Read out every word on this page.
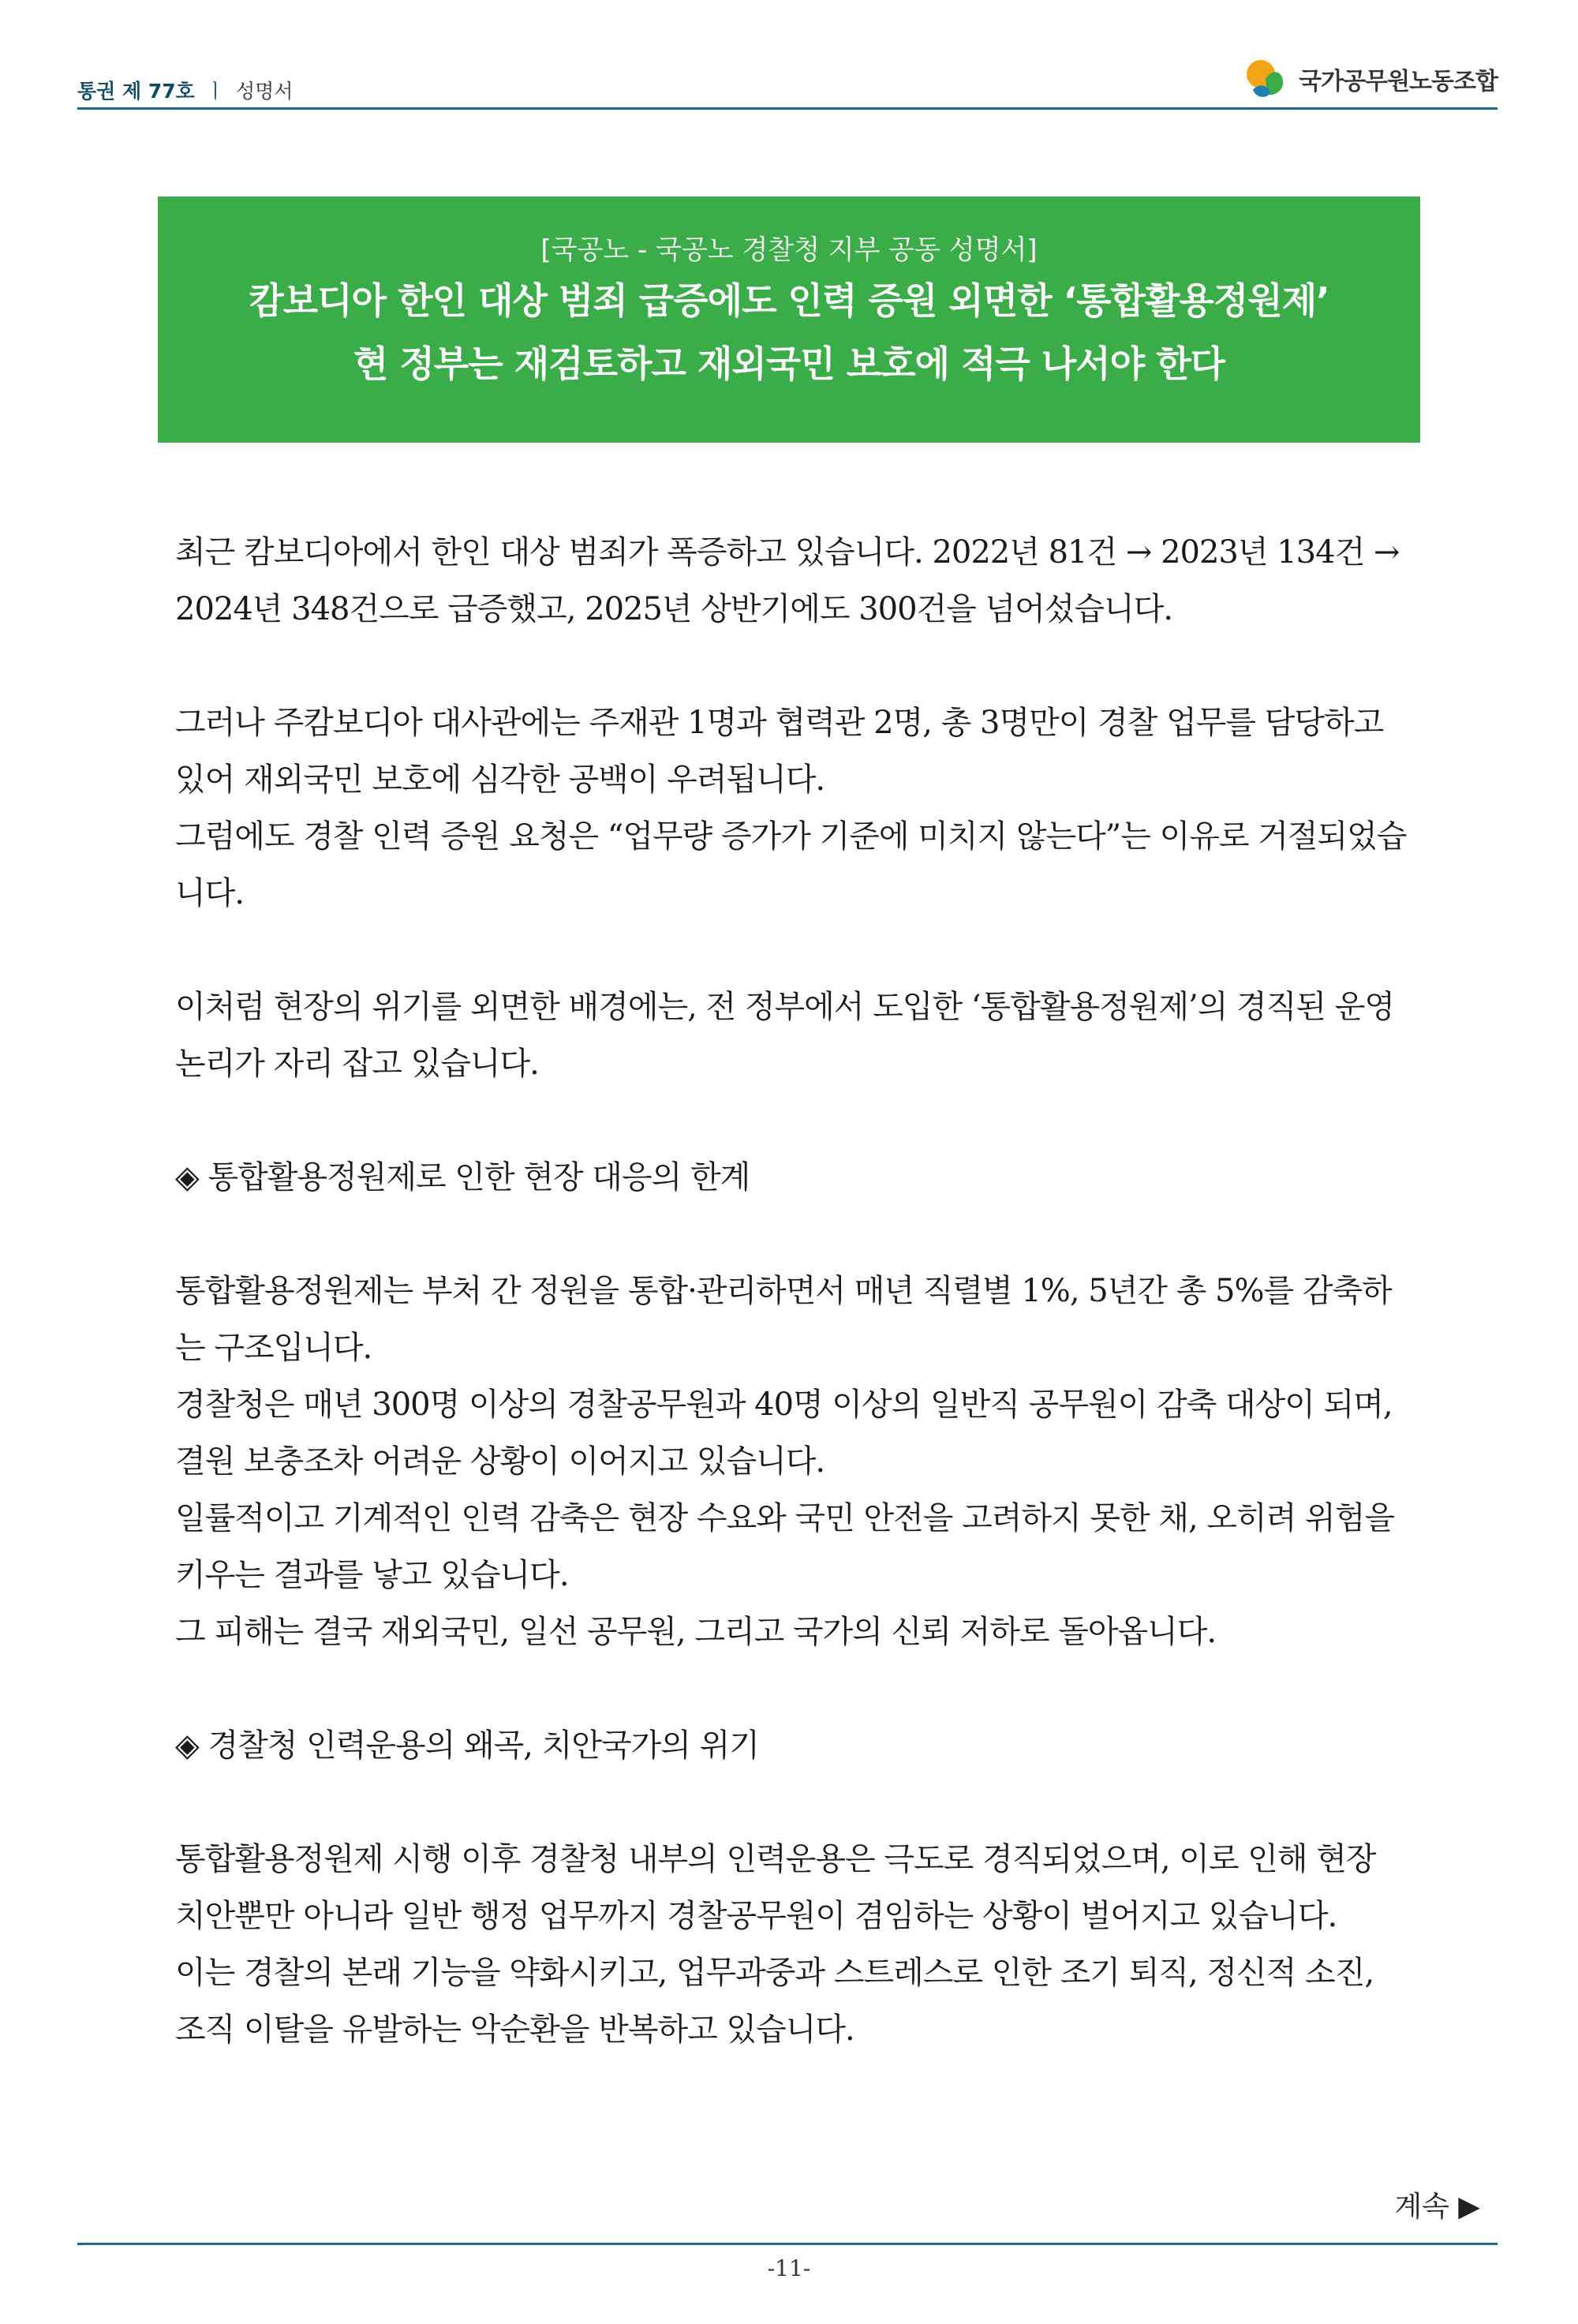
통권 제 77호 ㅣ 성명서	국가공무원노동조합
[국공노 - 국공노 경찰청 지부 공동 성명서]
캄보디아 한인 대상 범죄 급증에도 인력 증원 외면한 ‘통합활용정원제’
현 정부는 재검토하고 재외국민 보호에 적극 나서야 한다

최근 캄보디아에서 한인 대상 범죄가 폭증하고 있습니다. 2022년 81건 → 2023년 134건 → 2024년 348건으로 급증했고, 2025년 상반기에도 300건을 넘어섰습니다.

그러나 주캄보디아 대사관에는 주재관 1명과 협력관 2명, 총 3명만이 경찰 업무를 담당하고 있어 재외국민 보호에 심각한 공백이 우려됩니다.

그럼에도 경찰 인력 증원 요청은 “업무량 증가가 기준에 미치지 않는다”는 이유로 거절되었습니다.

이처럼 현장의 위기를 외면한 배경에는, 전 정부에서 도입한 ‘통합활용정원제’의 경직된 운영 논리가 자리 잡고 있습니다.

◈ 통합활용정원제로 인한 현장 대응의 한계

통합활용정원제는 부처 간 정원을 통합·관리하면서 매년 직렬별 1%, 5년간 총 5%를 감축하는 구조입니다.

경찰청은 매년 300명 이상의 경찰공무원과 40명 이상의 일반직 공무원이 감축 대상이 되며, 결원 보충조차 어려운 상황이 이어지고 있습니다.

일률적이고 기계적인 인력 감축은 현장 수요와 국민 안전을 고려하지 못한 채, 오히려 위험을 키우는 결과를 낳고 있습니다.

그 피해는 결국 재외국민, 일선 공무원, 그리고 국가의 신뢰 저하로 돌아옵니다.

◈ 경찰청 인력운용의 왜곡, 치안국가의 위기

통합활용정원제 시행 이후 경찰청 내부의 인력운용은 극도로 경직되었으며, 이로 인해 현장 치안뿐만 아니라 일반 행정 업무까지 경찰공무원이 겸임하는 상황이 벌어지고 있습니다.

이는 경찰의 본래 기능을 약화시키고, 업무과중과 스트레스로 인한 조기 퇴직, 정신적 소진, 조직 이탈을 유발하는 악순환을 반복하고 있습니다.

계속 ▶
-11-
